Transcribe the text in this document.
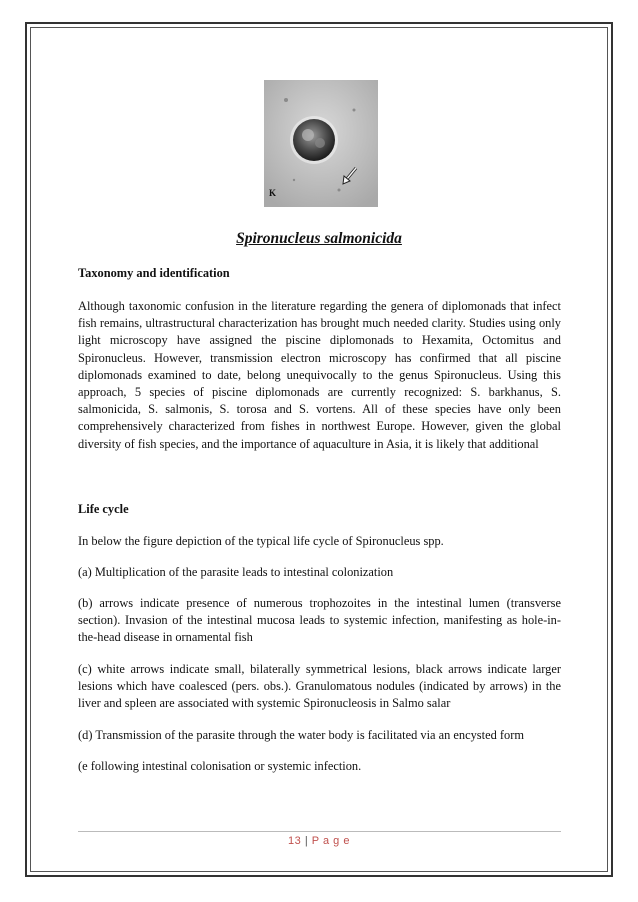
K
Spironucleus salmonicida
Taxonomy and identification
Although taxonomic confusion in the literature regarding the genera of diplomonads that infect fish remains, ultrastructural characterization has brought much needed clarity. Studies using only light microscopy have assigned the piscine diplomonads to Hexamita, Octomitus and Spironucleus. However, transmission electron microscopy has confirmed that all piscine diplomonads examined to date, belong unequivocally to the genus Spironucleus. Using this approach, 5 species of piscine diplomonads are currently recognized: S. barkhanus, S. salmonicida, S. salmonis, S. torosa and S. vortens. All of these species have only been comprehensively characterized from fishes in northwest Europe. However, given the global diversity of fish species, and the importance of aquaculture in Asia, it is likely that additional
Life cycle
In below the figure depiction of the typical life cycle of Spironucleus spp.
(a) Multiplication of the parasite leads to intestinal colonization
(b) arrows indicate presence of numerous trophozoites in the intestinal lumen (transverse section). Invasion of the intestinal mucosa leads to systemic infection, manifesting as hole-in-the-head disease in ornamental fish
(c) white arrows indicate small, bilaterally symmetrical lesions, black arrows indicate larger lesions which have coalesced (pers. obs.). Granulomatous nodules (indicated by arrows) in the liver and spleen are associated with systemic Spironucleosis in Salmo salar
(d) Transmission of the parasite through the water body is facilitated via an encysted form
(e following intestinal colonisation or systemic infection.
13 | P a g e
